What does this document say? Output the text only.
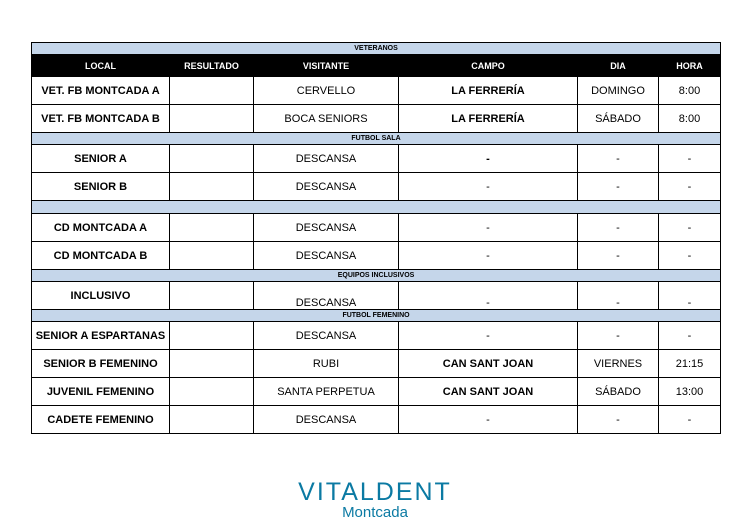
VETERANOS					
LOCAL	RESULTADO	VISITANTE	CAMPO	DIA	HORA
VET. FB MONTCADA A		CERVELLO	LA FERRERÍA	DOMINGO	8:00
VET. FB MONTCADA B		BOCA SENIORS	LA FERRERÍA	SÁBADO	8:00
FUTBOL SALA					
SENIOR A		DESCANSA	-	-	-
SENIOR B		DESCANSA	-	-	-

CD MONTCADA A		DESCANSA	-	-	-
CD MONTCADA B		DESCANSA	-	-	-
EQUIPOS INCLUSIVOS					
INCLUSIVO		DESCANSA	-	-	-
FUTBOL FEMENINO					
SENIOR A ESPARTANAS		DESCANSA	-	-	-
SENIOR B FEMENINO		RUBI	CAN SANT JOAN	VIERNES	21:15
JUVENIL FEMENINO		SANTA PERPETUA	CAN SANT JOAN	SÁBADO	13:00
CADETE FEMENINO		DESCANSA	-	-	-
VITALDENT
Montcada
